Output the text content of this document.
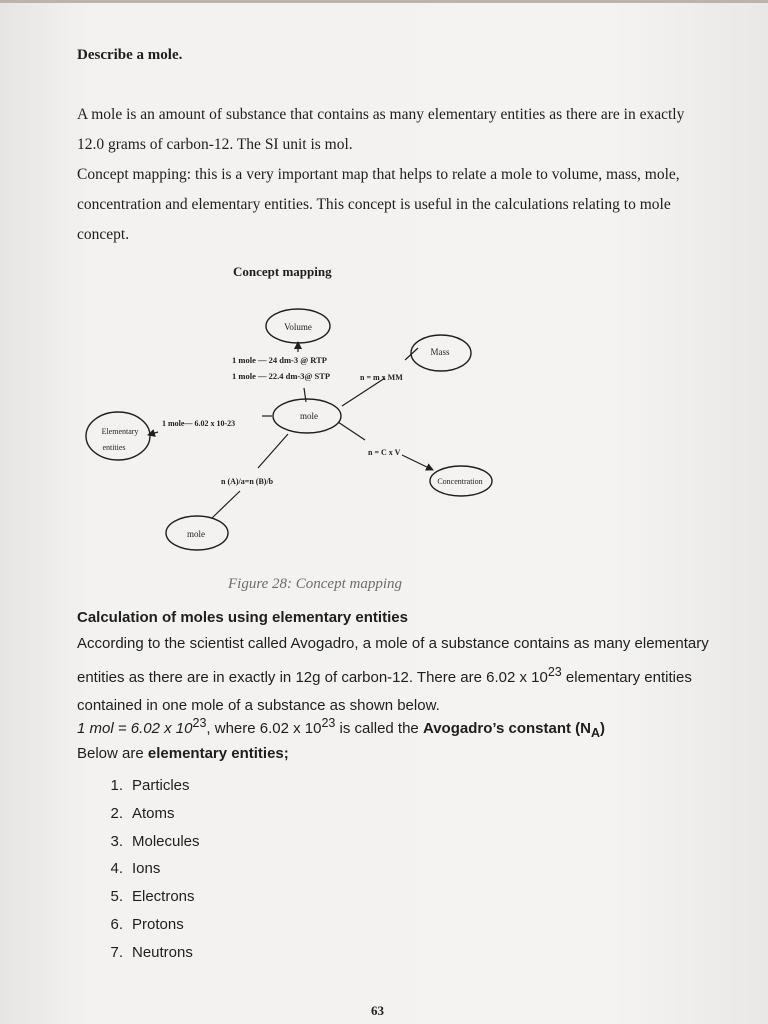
Describe a mole.
A mole is an amount of substance that contains as many elementary entities as there are in exactly 12.0 grams of carbon-12. The SI unit is mol.
Concept mapping: this is a very important map that helps to relate a mole to volume, mass, mole, concentration and elementary entities. This concept is useful in the calculations relating to mole concept.
Concept mapping
Volume
Mass
mole
Elementary
entities
Concentration
mole
1 mole — 24 dm-3 @ RTP
1 mole — 22.4 dm-3@ STP	n = m x MM
1 mole— 6.02 x 10-23
n = C x V
n (A)/a=n (B)/b
Figure 28: Concept mapping
Calculation of moles using elementary entities
According to the scientist called Avogadro, a mole of a substance contains as many elementary entities as there are in exactly in 12g of carbon-12. There are 6.02 x $10^{23}$ elementary entities contained in one mole of a substance as shown below.
1 mol = 6.02 x $10^{23}$, where 6.02 x $10^{23}$ is called the Avogadro’s constant $(N_A)$
Below are elementary entities;
1. Particles
2. Atoms
3. Molecules
4. Ions
5. Electrons
6. Protons
7. Neutrons
63
